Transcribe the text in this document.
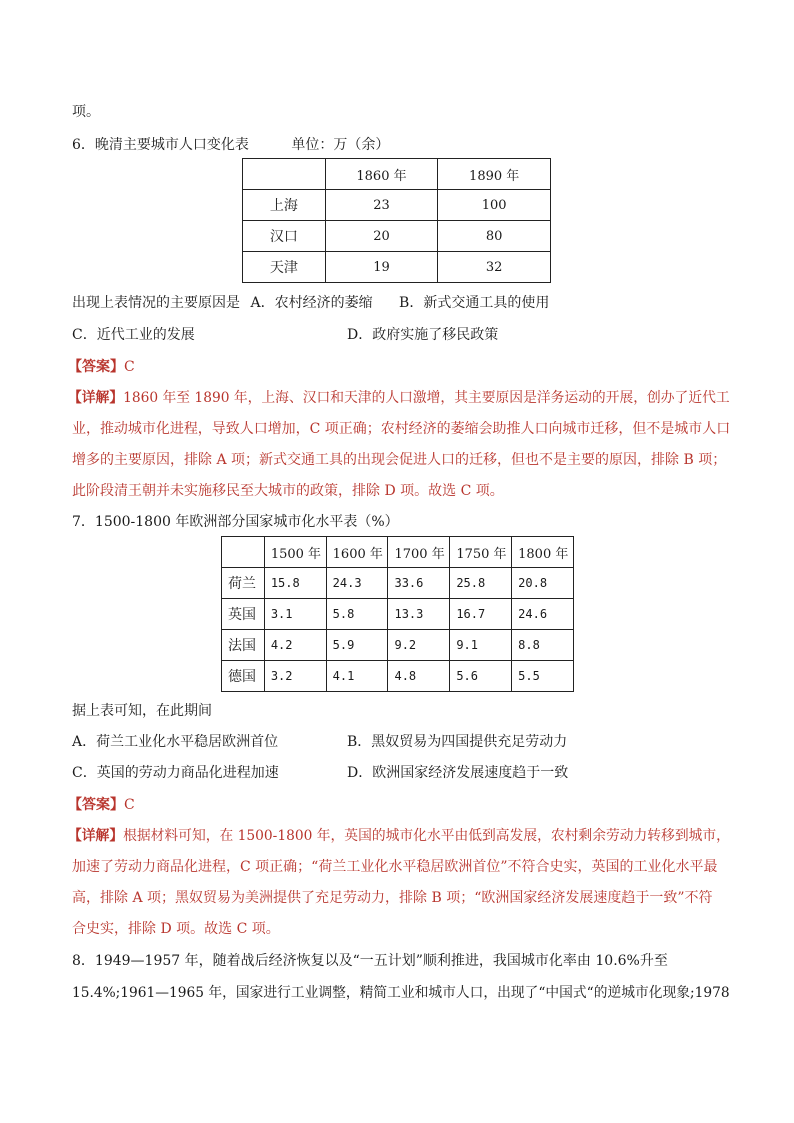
项。
6．晚清主要城市人口变化表	单位：万（余）
	1860 年	1890 年
上海	23	100
汉口	20	80
天津	19	32
出现上表情况的主要原因是 A．农村经济的萎缩 B．新式交通工具的使用
C．近代工业的发展	D．政府实施了移民政策
【答案】C
【详解】1860 年至 1890 年，上海、汉口和天津的人口激增，其主要原因是洋务运动的开展，创办了近代工
业，推动城市化进程，导致人口增加，C 项正确；农村经济的萎缩会助推人口向城市迁移，但不是城市人口
增多的主要原因，排除 A 项；新式交通工具的出现会促进人口的迁移，但也不是主要的原因，排除 B 项；
此阶段清王朝并未实施移民至大城市的政策，排除 D 项。故选 C 项。
7．1500-1800 年欧洲部分国家城市化水平表（%）
	1500 年	1600 年	1700 年	1750 年	1800 年
荷兰	15.8	24.3	33.6	25.8	20.8
英国	3.1	5.8	13.3	16.7	24.6
法国	4.2	5.9	9.2	9.1	8.8
德国	3.2	4.1	4.8	5.6	5.5
据上表可知，在此期间
A．荷兰工业化水平稳居欧洲首位	B．黑奴贸易为四国提供充足劳动力
C．英国的劳动力商品化进程加速	D．欧洲国家经济发展速度趋于一致
【答案】C
【详解】根据材料可知，在 1500-1800 年，英国的城市化水平由低到高发展，农村剩余劳动力转移到城市，
加速了劳动力商品化进程，C 项正确；“荷兰工业化水平稳居欧洲首位”不符合史实，英国的工业化水平最
高，排除 A 项；黑奴贸易为美洲提供了充足劳动力，排除 B 项；“欧洲国家经济发展速度趋于一致”不符
合史实，排除 D 项。故选 C 项。
8．1949—1957 年，随着战后经济恢复以及“一五计划”顺利推进，我国城市化率由 10.6%升至
15.4%;1961—1965 年，国家进行工业调整，精简工业和城市人口，出现了“中国式“的逆城市化现象;1978
